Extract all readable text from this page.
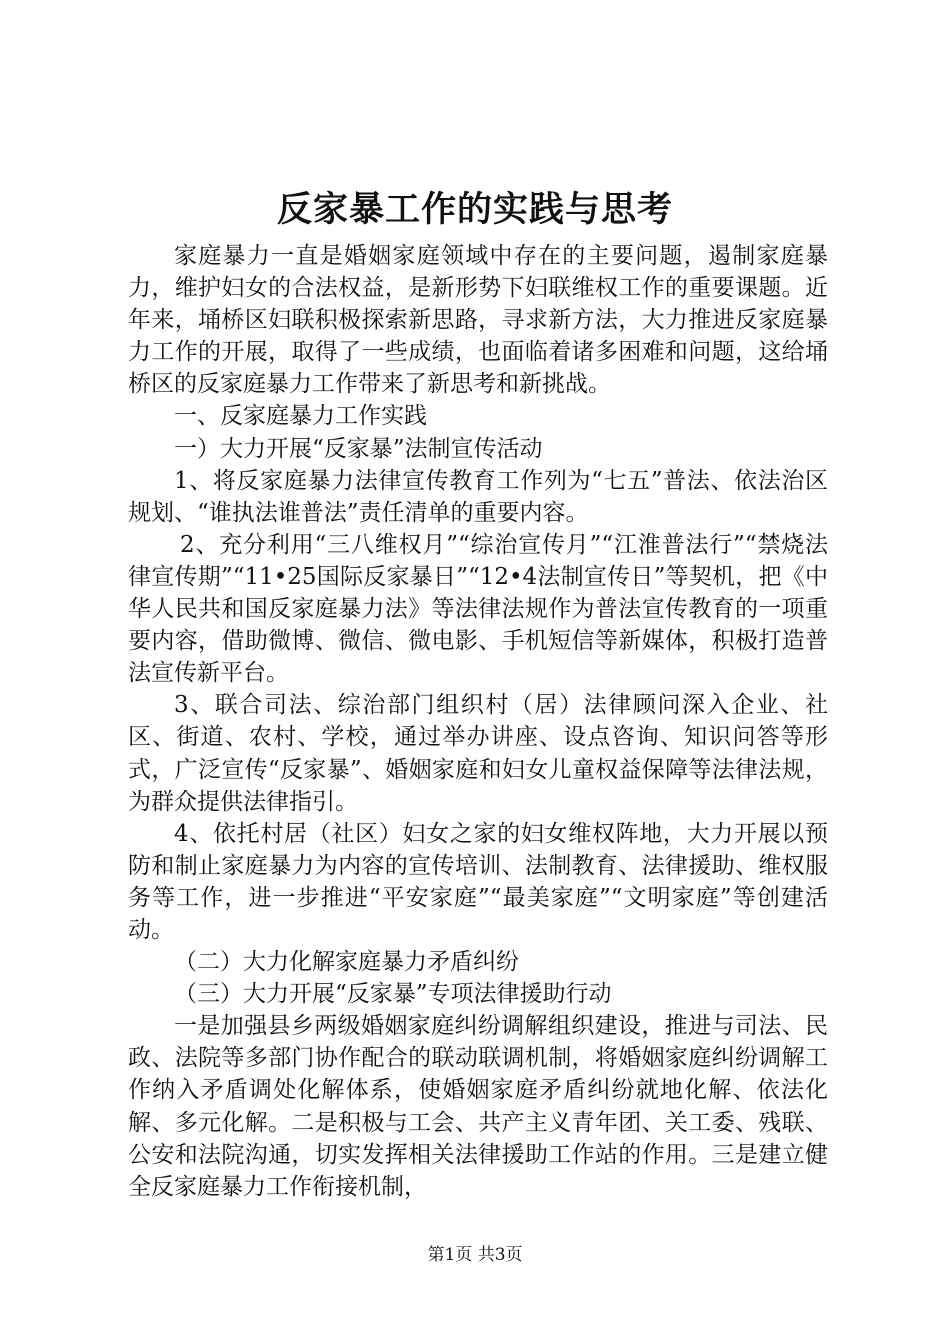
反家暴工作的实践与思考

家庭暴力一直是婚姻家庭领域中存在的主要问题，遏制家庭暴力，维护妇女的合法权益，是新形势下妇联维权工作的重要课题。近年来，埇桥区妇联积极探索新思路，寻求新方法，大力推进反家庭暴力工作的开展，取得了一些成绩，也面临着诸多困难和问题，这给埇桥区的反家庭暴力工作带来了新思考和新挑战。

一、反家庭暴力工作实践

一）大力开展“反家暴”法制宣传活动

1、将反家庭暴力法律宣传教育工作列为“七五”普法、依法治区规划、“谁执法谁普法”责任清单的重要内容。

2、充分利用“三八维权月”“综治宣传月”“江淮普法行”“禁烧法律宣传期”“11•25国际反家暴日”“12•4法制宣传日”等契机，把《中华人民共和国反家庭暴力法》等法律法规作为普法宣传教育的一项重要内容，借助微博、微信、微电影、手机短信等新媒体，积极打造普法宣传新平台。

3、联合司法、综治部门组织村（居）法律顾问深入企业、社区、街道、农村、学校，通过举办讲座、设点咨询、知识问答等形式，广泛宣传“反家暴”、婚姻家庭和妇女儿童权益保障等法律法规，为群众提供法律指引。

4、依托村居（社区）妇女之家的妇女维权阵地，大力开展以预防和制止家庭暴力为内容的宣传培训、法制教育、法律援助、维权服务等工作，进一步推进“平安家庭”“最美家庭”“文明家庭”等创建活动。

（二）大力化解家庭暴力矛盾纠纷

（三）大力开展“反家暴”专项法律援助行动

一是加强县乡两级婚姻家庭纠纷调解组织建设，推进与司法、民政、法院等多部门协作配合的联动联调机制，将婚姻家庭纠纷调解工作纳入矛盾调处化解体系，使婚姻家庭矛盾纠纷就地化解、依法化解、多元化解。二是积极与工会、共产主义青年团、关工委、残联、公安和法院沟通，切实发挥相关法律援助工作站的作用。三是建立健全反家庭暴力工作衔接机制，

第1页 共3页
